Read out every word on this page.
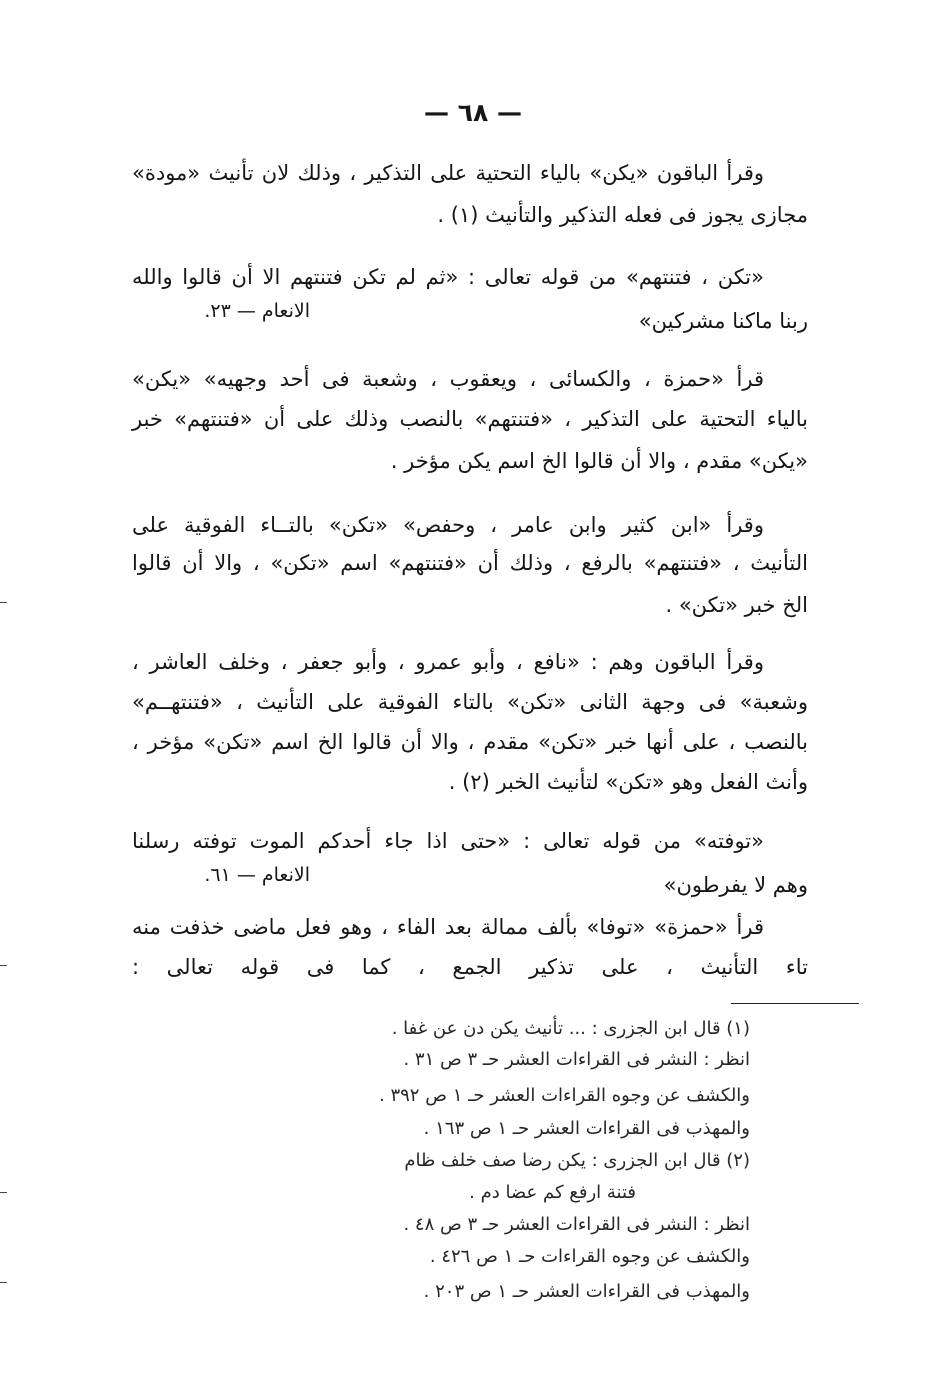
— ٦٨ —
وقرأ الباقون «يكن» بالياء التحتية على التذكير ، وذلك لان تأنيث «مودة»
مجازى يجوز فى فعله التذكير والتأنيث (١) .
«تكن ، فتنتهم» من قوله تعالى : «ثم لم تكن فتنتهم الا أن قالوا والله
الانعام — ٢٣.	ربنا ماكنا مشركين»
قرأ «حمزة ، والكسائى ، ويعقوب ، وشعبة فى أحد وجهيه» «يكن»
بالياء التحتية على التذكير ، «فتنتهم» بالنصب وذلك على أن «فتنتهم» خبر
«يكن» مقدم ، والا أن قالوا الخ اسم يكن مؤخر .
وقرأ «ابن كثير وابن عامر ، وحفص» «تكن» بالتــاء الفوقية على
التأنيث ، «فتنتهم» بالرفع ، وذلك أن «فتنتهم» اسم «تكن» ، والا أن قالوا
الخ خبر «تكن» .
وقرأ الباقون وهم : «نافع ، وأبو عمرو ، وأبو جعفر ، وخلف العاشر ،
وشعبة» فى وجهة الثانى «تكن» بالتاء الفوقية على التأنيث ، «فتنتهــم»
بالنصب ، على أنها خبر «تكن» مقدم ، والا أن قالوا الخ اسم «تكن» مؤخر ،
وأنث الفعل وهو «تكن» لتأنيث الخبر (٢) .
«توفته» من قوله تعالى : «حتى اذا جاء أحدكم الموت توفته رسلنا
الانعام — ٦١.	وهم لا يفرطون»
قرأ «حمزة» «توفا» بألف ممالة بعد الفاء ، وهو فعل ماضى خذفت منه
تاء التأنيث ، على تذكير الجمع ، كما فى قوله تعالى :
(١) قال ابن الجزرى : ... تأنيث يكن دن عن غفا .
انظر : النشر فى القراءات العشر حـ ٣ ص ٣١ .
والكشف عن وجوه القراءات العشر حـ ١ ص ٣٩٢ .
والمهذب فى القراءات العشر حـ ١ ص ١٦٣ .
(٢) قال ابن الجزرى : يكن رضا صف خلف ظام
فتنة ارفع كم عضا دم .
انظر : النشر فى القراءات العشر حـ ٣ ص ٤٨ .
والكشف عن وجوه القراءات حـ ١ ص ٤٢٦ .
والمهذب فى القراءات العشر حـ ١ ص ٢٠٣ .
